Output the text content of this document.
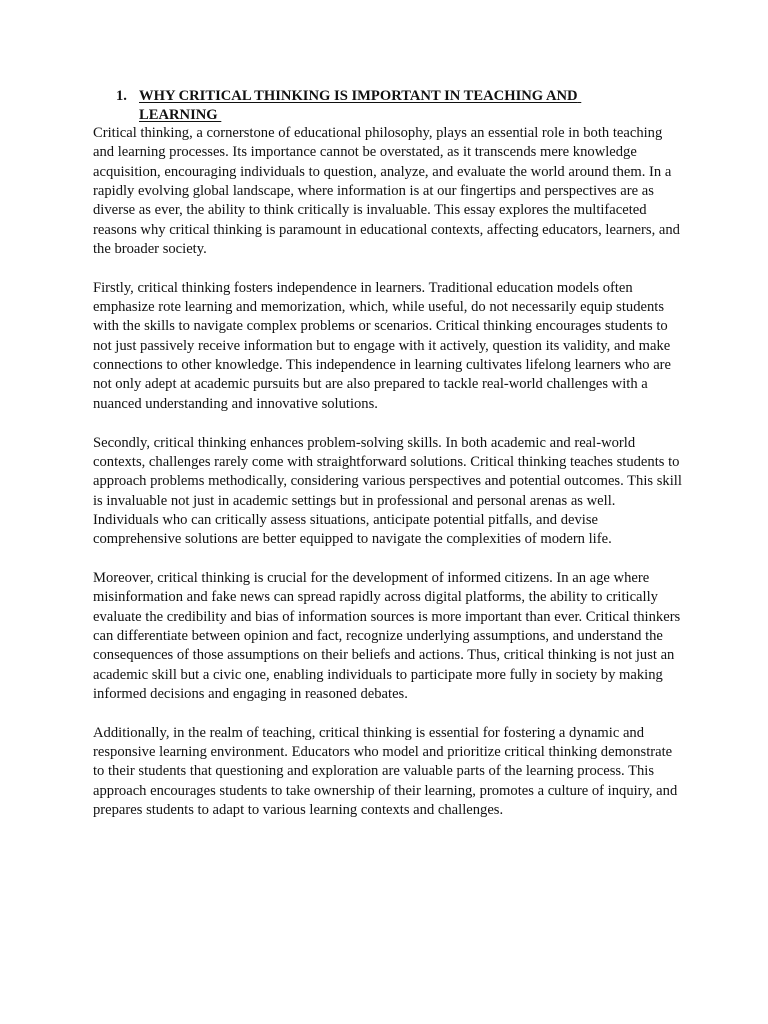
1. WHY CRITICAL THINKING IS IMPORTANT IN TEACHING AND LEARNING

Critical thinking, a cornerstone of educational philosophy, plays an essential role in both teaching and learning processes. Its importance cannot be overstated, as it transcends mere knowledge acquisition, encouraging individuals to question, analyze, and evaluate the world around them. In a rapidly evolving global landscape, where information is at our fingertips and perspectives are as diverse as ever, the ability to think critically is invaluable. This essay explores the multifaceted reasons why critical thinking is paramount in educational contexts, affecting educators, learners, and the broader society.

Firstly, critical thinking fosters independence in learners. Traditional education models often emphasize rote learning and memorization, which, while useful, do not necessarily equip students with the skills to navigate complex problems or scenarios. Critical thinking encourages students to not just passively receive information but to engage with it actively, question its validity, and make connections to other knowledge. This independence in learning cultivates lifelong learners who are not only adept at academic pursuits but are also prepared to tackle real-world challenges with a nuanced understanding and innovative solutions.

Secondly, critical thinking enhances problem-solving skills. In both academic and real-world contexts, challenges rarely come with straightforward solutions. Critical thinking teaches students to approach problems methodically, considering various perspectives and potential outcomes. This skill is invaluable not just in academic settings but in professional and personal arenas as well. Individuals who can critically assess situations, anticipate potential pitfalls, and devise comprehensive solutions are better equipped to navigate the complexities of modern life.

Moreover, critical thinking is crucial for the development of informed citizens. In an age where misinformation and fake news can spread rapidly across digital platforms, the ability to critically evaluate the credibility and bias of information sources is more important than ever. Critical thinkers can differentiate between opinion and fact, recognize underlying assumptions, and understand the consequences of those assumptions on their beliefs and actions. Thus, critical thinking is not just an academic skill but a civic one, enabling individuals to participate more fully in society by making informed decisions and engaging in reasoned debates.

Additionally, in the realm of teaching, critical thinking is essential for fostering a dynamic and responsive learning environment. Educators who model and prioritize critical thinking demonstrate to their students that questioning and exploration are valuable parts of the learning process. This approach encourages students to take ownership of their learning, promotes a culture of inquiry, and prepares students to adapt to various learning contexts and challenges.
